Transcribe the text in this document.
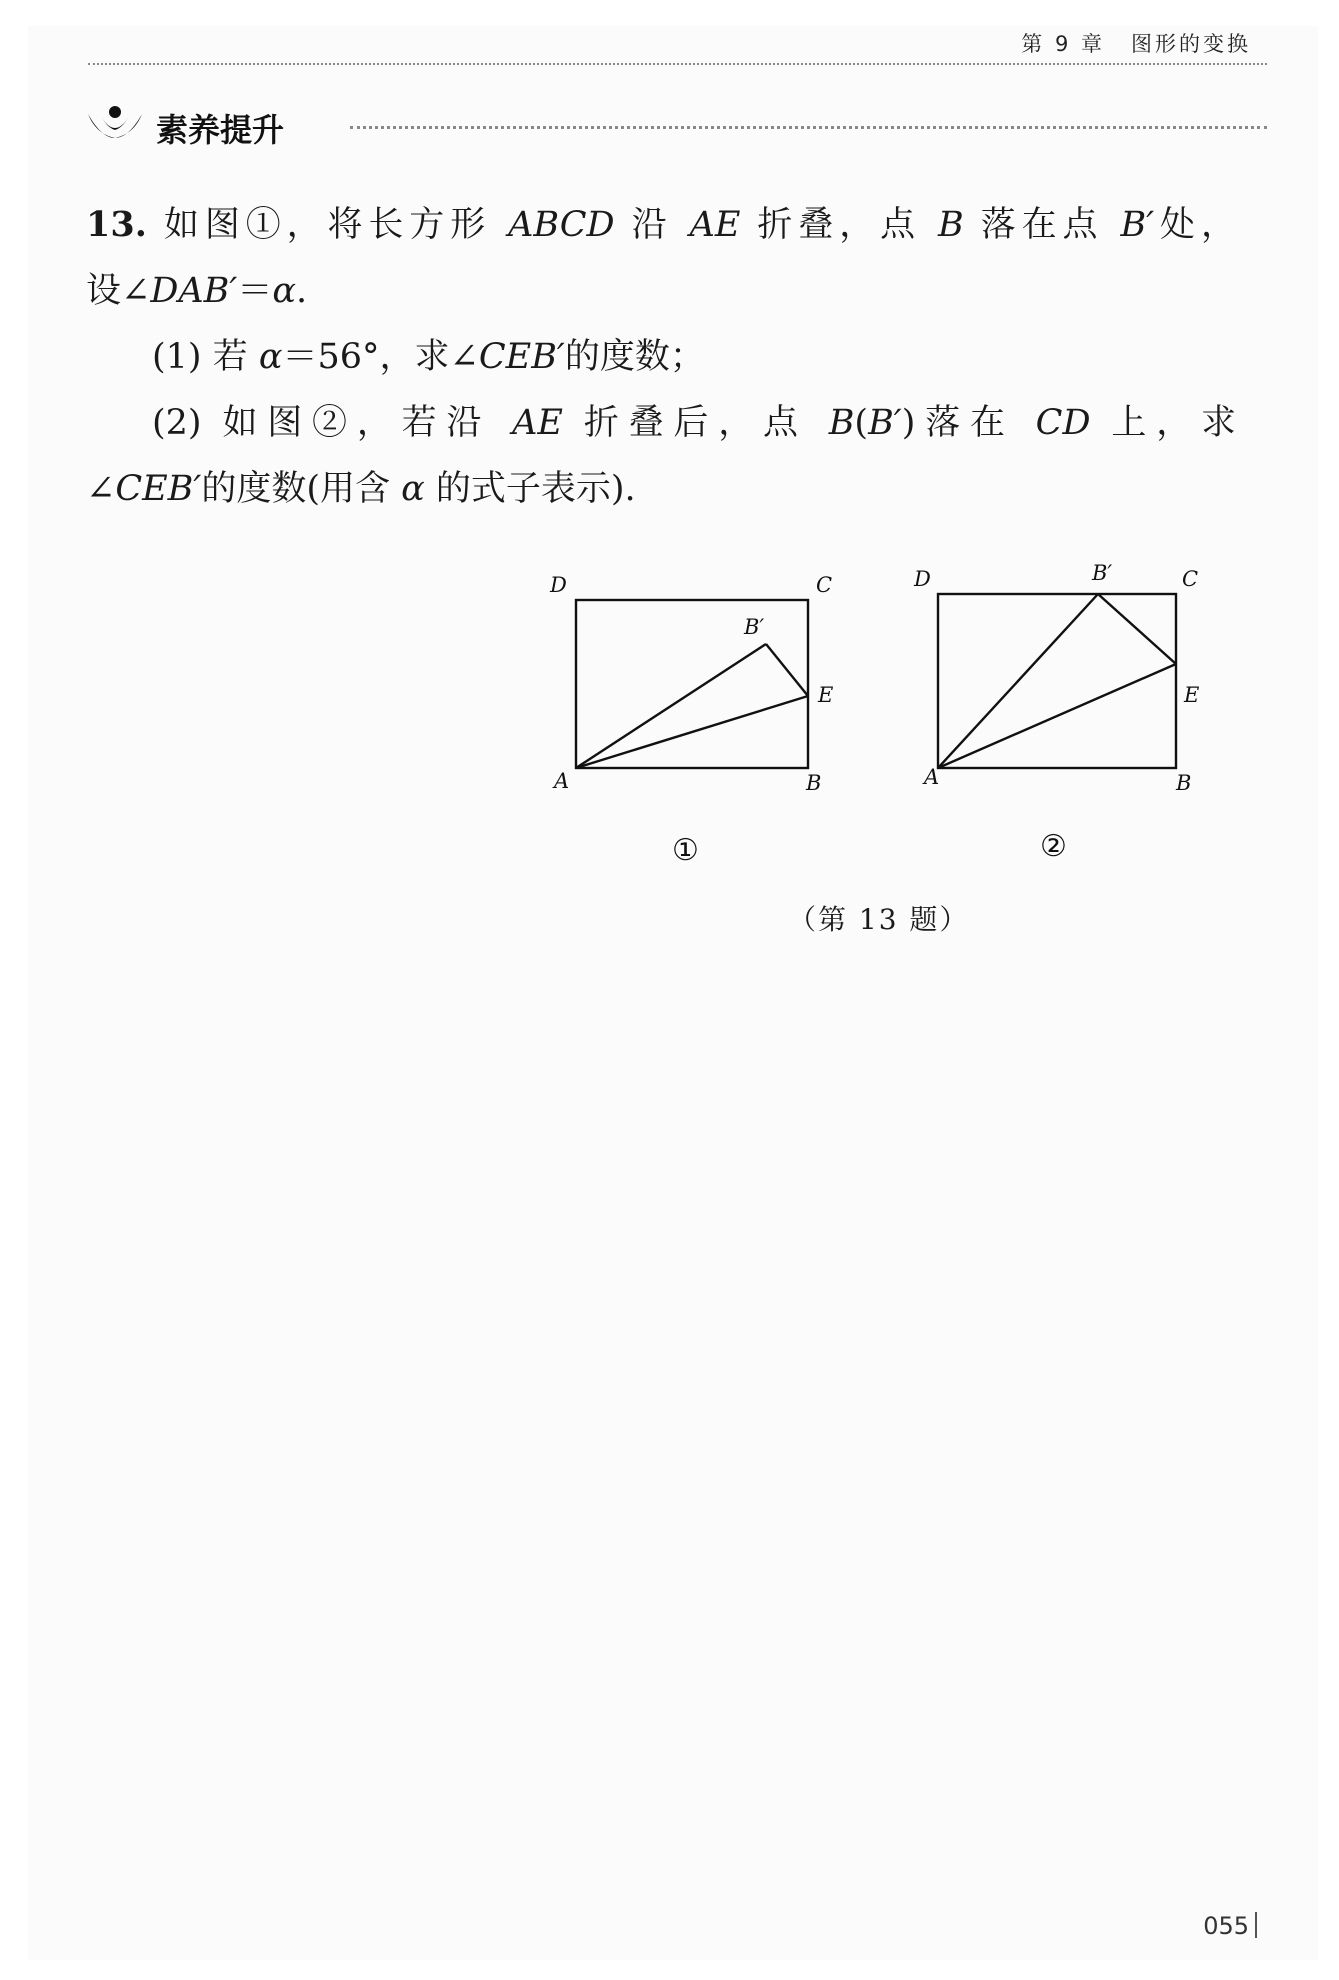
第 9 章 图形的变换
素养提升
13. 如图①，将长方形 ABCD 沿 AE 折叠，点 B 落在点 B′处，
设∠DAB′＝α.
(1) 若 α＝56°，求∠CEB′的度数；
(2) 如图②，若沿 AE 折叠后，点 B(B′)落在 CD 上，求
∠CEB′的度数(用含 α 的式子表示).
D	C
B′
E
A	B
①
D	B′	C
E
A	B
②
（第 13 题）
055
